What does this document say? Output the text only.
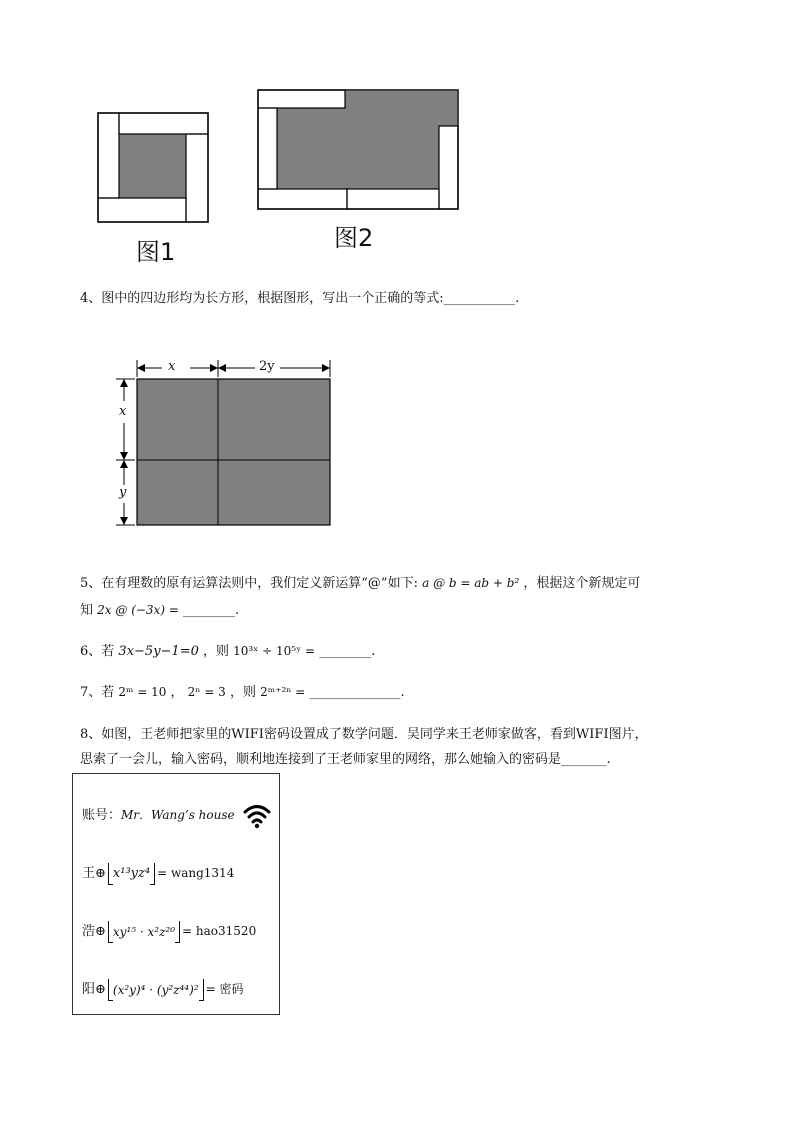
图1	图2
4、图中的四边形均为长方形，根据图形，写出一个正确的等式:___________.
x	2y
x
y
5、在有理数的原有运算法则中，我们定义新运算“@”如下: a @ b = ab + b² ，根据这个新规定可
知 2x @ (−3x) = ________.
6、若 3x−5y−1=0 ，则 10³ˣ ÷ 10⁵ʸ = ________.
7、若 2ᵐ = 10 ， 2ⁿ = 3 ，则 2ᵐ⁺²ⁿ = ______________.
8、如图，王老师把家里的WIFI密码设置成了数学问题．吴同学来王老师家做客，看到WIFI图片，
思索了一会儿，输入密码，顺利地连接到了王老师家里的网络，那么她输入的密码是_______.
账号：Mr．Wang’s house
王⊕ x¹³yz⁴ = wang1314
浩⊕ xy¹⁵ · x²z²⁰ = hao31520
阳⊕ (x²y)⁴ · (y²z⁴⁴)² = 密码
